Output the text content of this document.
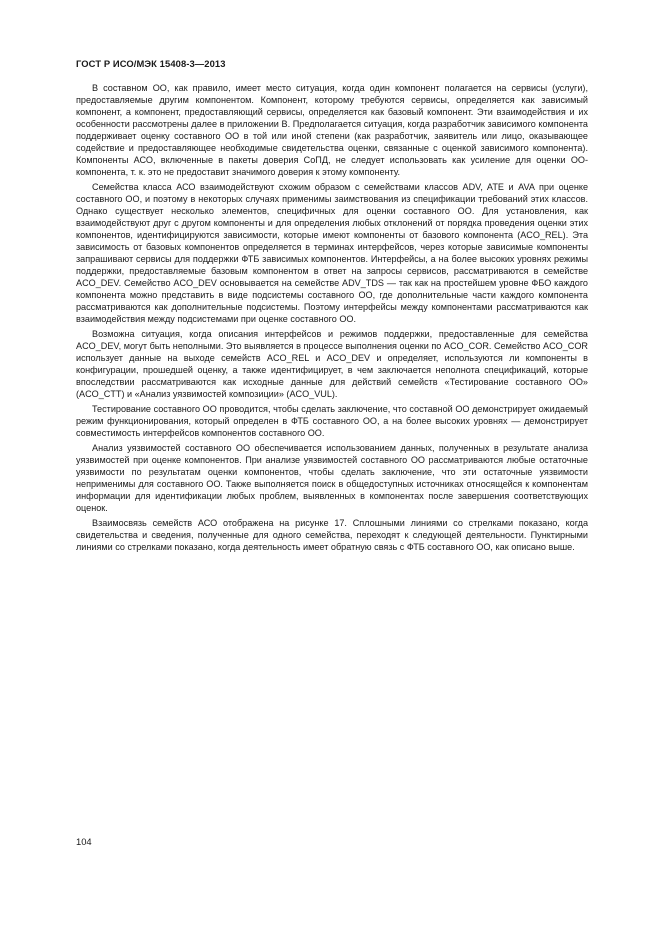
ГОСТ Р ИСО/МЭК 15408-3—2013

В составном ОО, как правило, имеет место ситуация, когда один компонент полагается на сервисы (услуги), предоставляемые другим компонентом. Компонент, которому требуются сервисы, определяется как зависимый компонент, а компонент, предоставляющий сервисы, определяется как базовый компонент. Эти взаимодействия и их особенности рассмотрены далее в приложении В. Предполагается ситуация, когда разработчик зависимого компонента поддерживает оценку составного ОО в той или иной степени (как разработчик, заявитель или лицо, оказывающее содействие и предоставляющее необходимые свидетельства оценки, связанные с оценкой зависимого компонента). Компоненты АСО, включенные в пакеты доверия СоПД, не следует использовать как усиление для оценки ОО-компонента, т. к. это не предоставит значимого доверия к этому компоненту.

Семейства класса АСО взаимодействуют схожим образом с семействами классов ADV, ATE и AVA при оценке составного ОО, и поэтому в некоторых случаях применимы заимствования из спецификации требований этих классов. Однако существует несколько элементов, специфичных для оценки составного ОО. Для установления, как взаимодействуют друг с другом компоненты и для определения любых отклонений от порядка проведения оценки этих компонентов, идентифицируются зависимости, которые имеют компоненты от базового компонента (ACO_REL). Эта зависимость от базовых компонентов определяется в терминах интерфейсов, через которые зависимые компоненты запрашивают сервисы для поддержки ФТБ зависимых компонентов. Интерфейсы, а на более высоких уровнях режимы поддержки, предоставляемые базовым компонентом в ответ на запросы сервисов, рассматриваются в семействе ACO_DEV. Семейство ACO_DEV основывается на семействе ADV_TDS — так как на простейшем уровне ФБО каждого компонента можно представить в виде подсистемы составного ОО, где дополнительные части каждого компонента рассматриваются как дополнительные подсистемы. Поэтому интерфейсы между компонентами рассматриваются как взаимодействия между подсистемами при оценке составного ОО.

Возможна ситуация, когда описания интерфейсов и режимов поддержки, предоставленные для семейства ACO_DEV, могут быть неполными. Это выявляется в процессе выполнения оценки по ACO_COR. Семейство ACO_COR использует данные на выходе семейств ACO_REL и ACO_DEV и определяет, используются ли компоненты в конфигурации, прошедшей оценку, а также идентифицирует, в чем заключается неполнота спецификаций, которые впоследствии рассматриваются как исходные данные для действий семейств «Тестирование составного ОО» (ACO_CTT) и «Анализ уязвимостей композиции» (ACO_VUL).

Тестирование составного ОО проводится, чтобы сделать заключение, что составной ОО демонстрирует ожидаемый режим функционирования, который определен в ФТБ составного ОО, а на более высоких уровнях — демонстрирует совместимость интерфейсов компонентов составного ОО.

Анализ уязвимостей составного ОО обеспечивается использованием данных, полученных в результате анализа уязвимостей при оценке компонентов. При анализе уязвимостей составного ОО рассматриваются любые остаточные уязвимости по результатам оценки компонентов, чтобы сделать заключение, что эти остаточные уязвимости неприменимы для составного ОО. Также выполняется поиск в общедоступных источниках относящейся к компонентам информации для идентификации любых проблем, выявленных в компонентах после завершения соответствующих оценок.

Взаимосвязь семейств АСО отображена на рисунке 17. Сплошными линиями со стрелками показано, когда свидетельства и сведения, полученные для одного семейства, переходят к следующей деятельности. Пунктирными линиями со стрелками показано, когда деятельность имеет обратную связь с ФТБ составного ОО, как описано выше.

104
